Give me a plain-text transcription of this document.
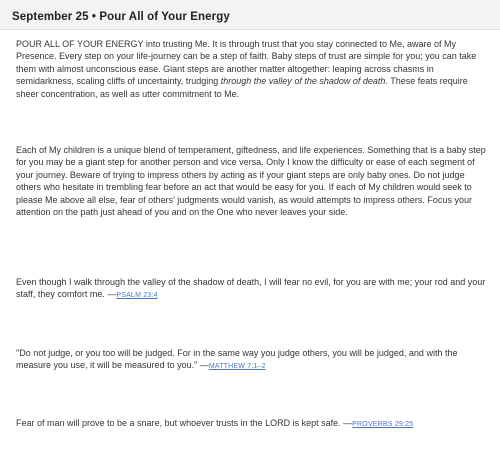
September 25 • Pour All of Your Energy

POUR ALL OF YOUR ENERGY into trusting Me. It is through trust that you stay connected to Me, aware of My Presence. Every step on your life-journey can be a step of faith. Baby steps of trust are simple for you; you can take them with almost unconscious ease. Giant steps are another matter altogether: leaping across chasms in semidarkness, scaling cliffs of uncertainty, trudging through the valley of the shadow of death. These feats require sheer concentration, as well as utter commitment to Me.

Each of My children is a unique blend of temperament, giftedness, and life experiences. Something that is a baby step for you may be a giant step for another person and vice versa. Only I know the difficulty or ease of each segment of your journey. Beware of trying to impress others by acting as if your giant steps are only baby ones. Do not judge others who hesitate in trembling fear before an act that would be easy for you. If each of My children would seek to please Me above all else, fear of others' judgments would vanish, as would attempts to impress others. Focus your attention on the path just ahead of you and on the One who never leaves your side.

Even though I walk through the valley of the shadow of death, I will fear no evil, for you are with me; your rod and your staff, they comfort me. —PSALM 23:4

"Do not judge, or you too will be judged. For in the same way you judge others, you will be judged, and with the measure you use, it will be measured to you." —MATTHEW 7:1–2

Fear of man will prove to be a snare, but whoever trusts in the LORD is kept safe. —PROVERBS 29:25
